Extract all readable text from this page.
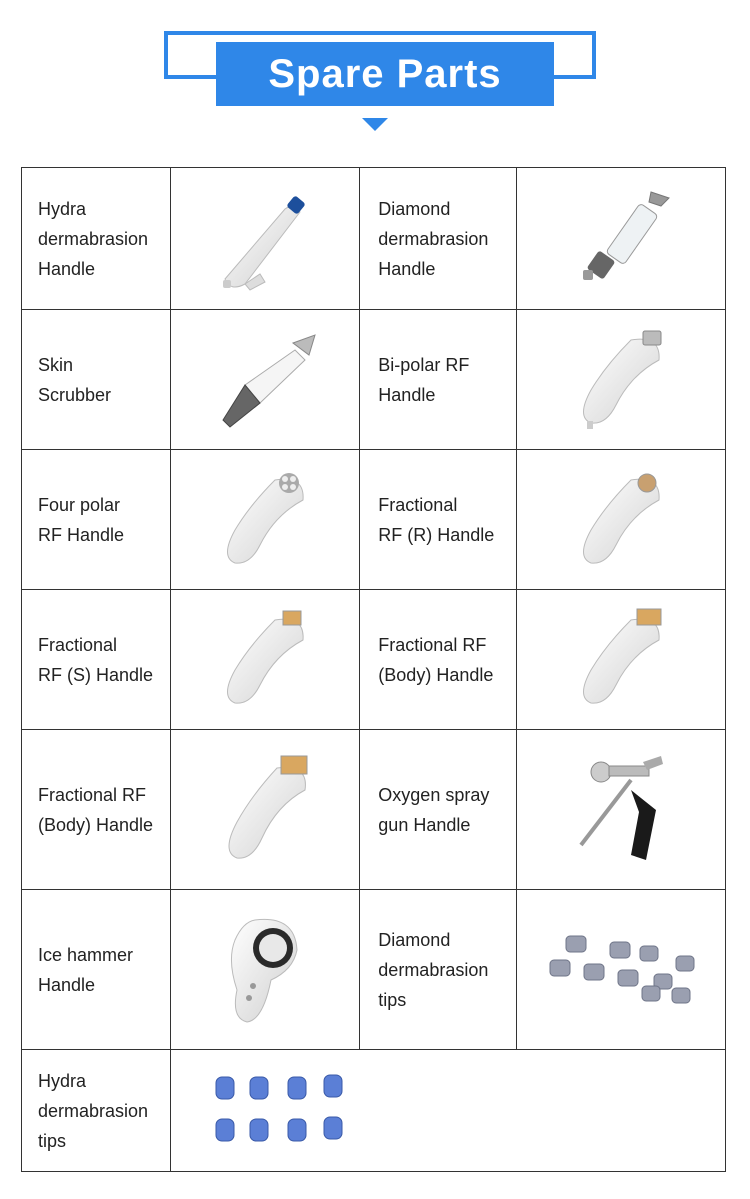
Spare Parts
Hydra
dermabrasion
Handle		Diamond
dermabrasion
Handle

Skin
Scrubber		Bi-polar RF
Handle

Four polar
RF Handle		Fractional
RF (R) Handle

Fractional
RF (S) Handle		Fractional RF
(Body) Handle

Fractional RF
(Body) Handle		Oxygen spray
gun Handle

Ice hammer
Handle		Diamond
dermabrasion
tips

Hydra
dermabrasion
tips
